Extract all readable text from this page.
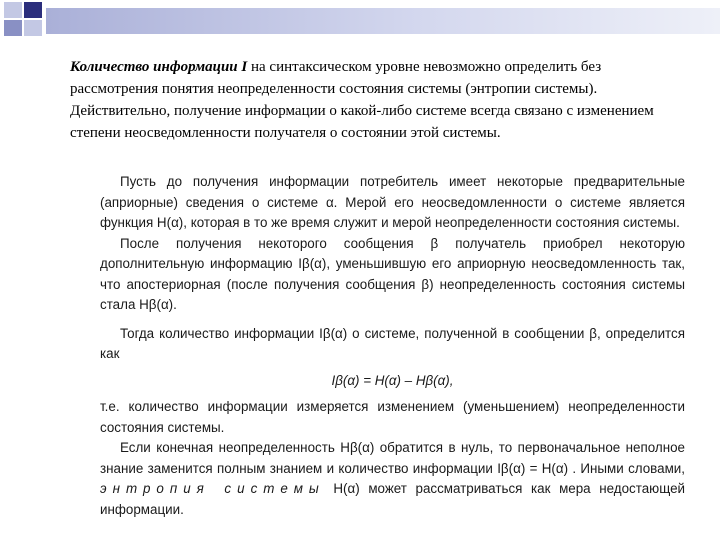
Количество информации I на синтаксическом уровне невозможно определить без рассмотрения понятия неопределенности состояния системы (энтропии системы). Действительно, получение информации о какой-либо системе всегда связано с изменением степени неосведомленности получателя о состоянии этой системы.

Пусть до получения информации потребитель имеет некоторые предварительные (априорные) сведения о системе α. Мерой его неосведомленности о системе является функция H(α), которая в то же время служит и мерой неопределенности состояния системы.

После получения некоторого сообщения β получатель приобрел некоторую дополнительную информацию Iβ(α), уменьшившую его априорную неосведомленность так, что апостериорная (после получения сообщения β) неопределенность состояния системы стала Hβ(α).

Тогда количество информации Iβ(α) о системе, полученной в сообщении β, определится как

Iβ(α) = H(α) – Hβ(α),

т.е. количество информации измеряется изменением (уменьшением) неопределенности состояния системы.

Если конечная неопределенность Hβ(α) обратится в нуль, то первоначальное неполное знание заменится полным знанием и количество информации Iβ(α) = H(α) . Иными словами, энтропия системы H(α) может рассматриваться как мера недостающей информации.
